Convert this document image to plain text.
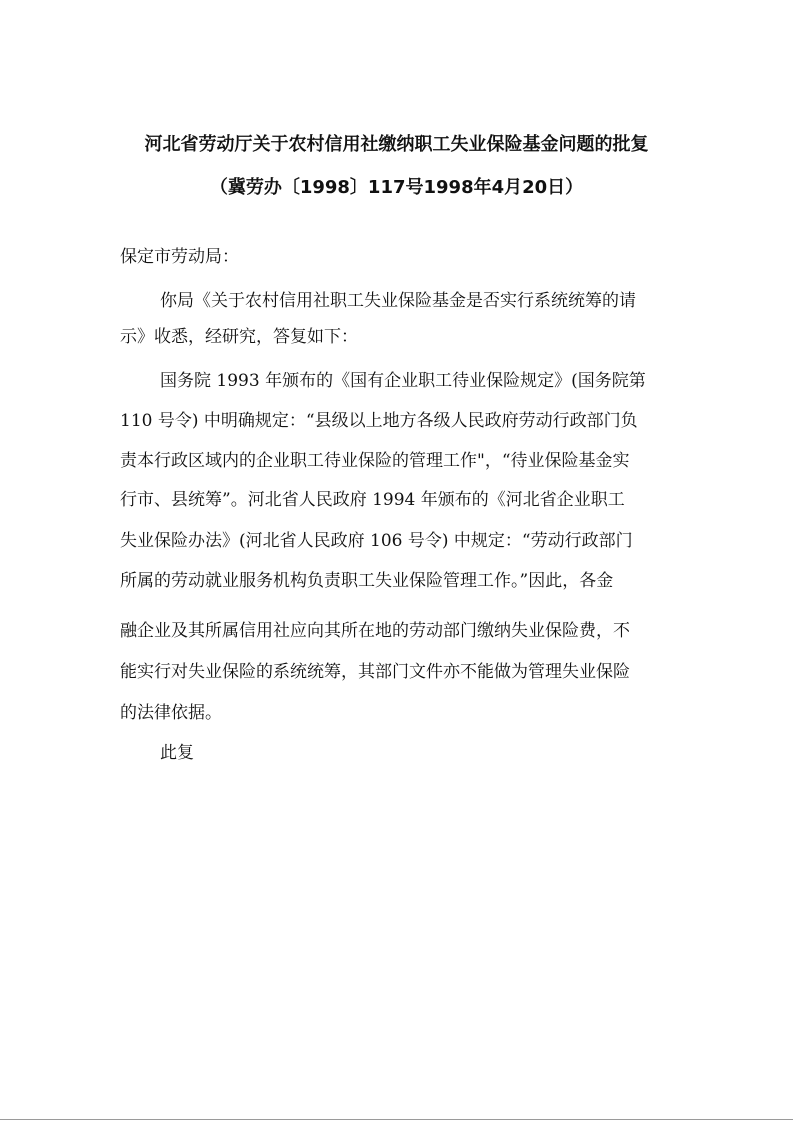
河北省劳动厅关于农村信用社缴纳职工失业保险基金问题的批复
（冀劳办〔1998〕117号1998年4月20日）
保定市劳动局：
你局《关于农村信用社职工失业保险基金是否实行系统统筹的请
示》收悉，经研究，答复如下：
国务院 1993 年颁布的《国有企业职工待业保险规定》(国务院第
110 号令) 中明确规定：“县级以上地方各级人民政府劳动行政部门负
责本行政区域内的企业职工待业保险的管理工作"，“待业保险基金实
行市、县统筹”。河北省人民政府 1994 年颁布的《河北省企业职工
失业保险办法》(河北省人民政府 106 号令) 中规定：“劳动行政部门
所属的劳动就业服务机构负责职工失业保险管理工作。”因此，各金
融企业及其所属信用社应向其所在地的劳动部门缴纳失业保险费，不
能实行对失业保险的系统统筹，其部门文件亦不能做为管理失业保险
的法律依据。
此复
